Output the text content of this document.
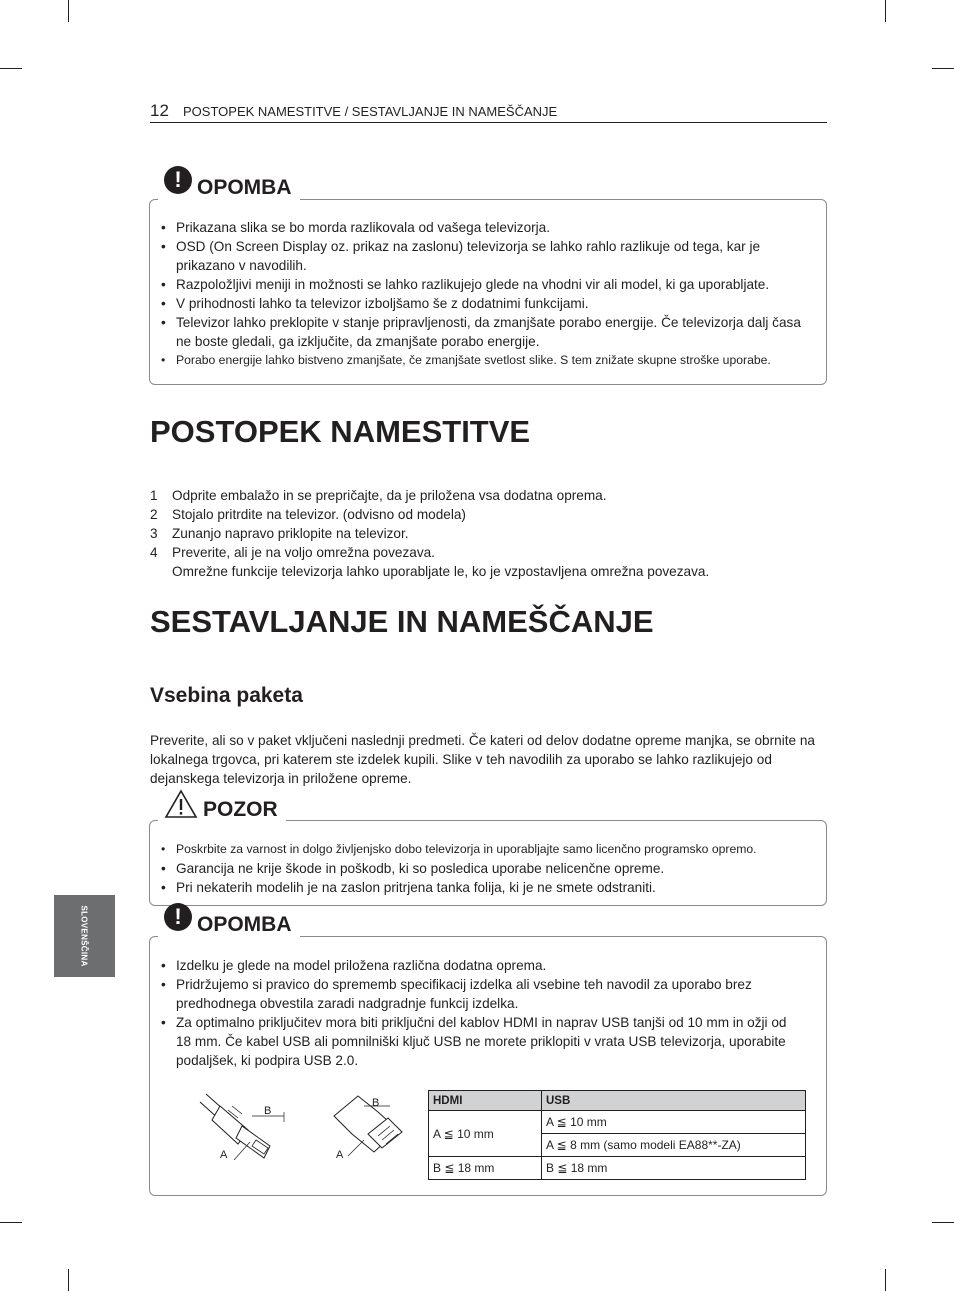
12 POSTOPEK NAMESTITVE / SESTAVLJANJE IN NAMEŠČANJE
! OPOMBA
• Prikazana slika se bo morda razlikovala od vašega televizorja.
• OSD (On Screen Display oz. prikaz na zaslonu) televizorja se lahko rahlo razlikuje od tega, kar je prikazano v navodilih.
• Razpoložljivi meniji in možnosti se lahko razlikujejo glede na vhodni vir ali model, ki ga uporabljate.
• V prihodnosti lahko ta televizor izboljšamo še z dodatnimi funkcijami.
• Televizor lahko preklopite v stanje pripravljenosti, da zmanjšate porabo energije. Če televizorja dalj časa ne boste gledali, ga izključite, da zmanjšate porabo energije.
• Porabo energije lahko bistveno zmanjšate, če zmanjšate svetlost slike. S tem znižate skupne stroške uporabe.
POSTOPEK NAMESTITVE
1 Odprite embalažo in se prepričajte, da je priložena vsa dodatna oprema.
2 Stojalo pritrdite na televizor. (odvisno od modela)
3 Zunanjo napravo priklopite na televizor.
4 Preverite, ali je na voljo omrežna povezava.
Omrežne funkcije televizorja lahko uporabljate le, ko je vzpostavljena omrežna povezava.
SESTAVLJANJE IN NAMEŠČANJE
Vsebina paketa

Preverite, ali so v paket vključeni naslednji predmeti. Če kateri od delov dodatne opreme manjka, se obrnite na lokalnega trgovca, pri katerem ste izdelek kupili. Slike v teh navodilih za uporabo se lahko razlikujejo od dejanskega televizorja in priložene opreme.

POZOR
• Poskrbite za varnost in dolgo življenjsko dobo televizorja in uporabljajte samo licenčno programsko opremo.
• Garancija ne krije škode in poškodb, ki so posledica uporabe nelicenčne opreme.
• Pri nekaterih modelih je na zaslon pritrjena tanka folija, ki je ne smete odstraniti.
! OPOMBA
• Izdelku je glede na model priložena različna dodatna oprema.
• Pridržujemo si pravico do sprememb specifikacij izdelka ali vsebine teh navodil za uporabo brez predhodnega obvestila zaradi nadgradnje funkcij izdelka.
• Za optimalno priključitev mora biti priključni del kablov HDMI in naprav USB tanjši od 10 mm in ožji od 18 mm. Če kabel USB ali pomnilniški ključ USB ne morete priklopiti v vrata USB televizorja, uporabite podaljšek, ki podpira USB 2.0.
B
A
B
A
HDMI	USB
A ≦ 10 mm	A ≦ 10 mm
	A ≦ 8 mm (samo modeli EA88**-ZA)
B ≦ 18 mm	B ≦ 18 mm
SLOVENŠČINA
